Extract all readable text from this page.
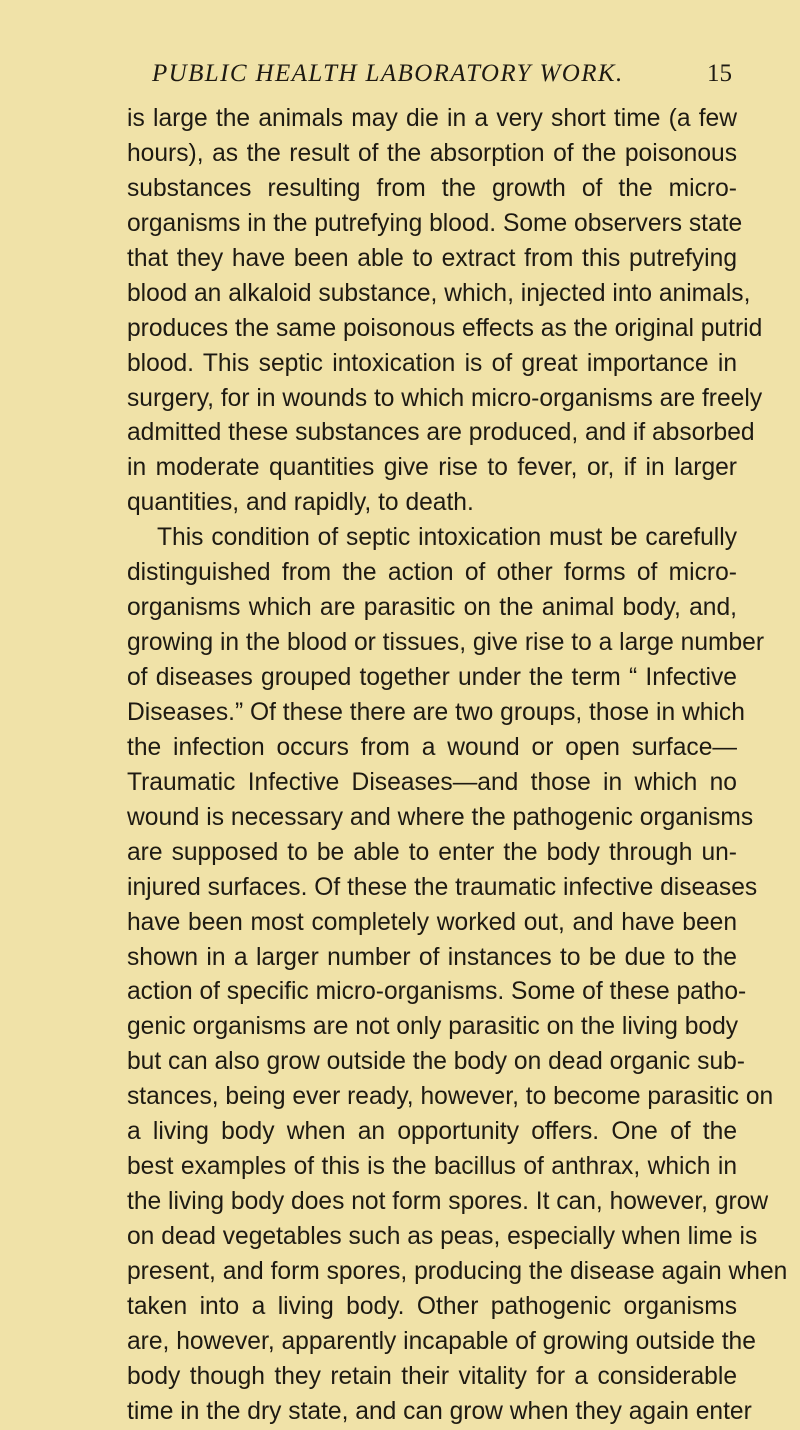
PUBLIC HEALTH LABORATORY WORK.	15
is large the animals may die in a very short time (a few
hours), as the result of the absorption of the poisonous
substances resulting from the growth of the micro-
organisms in the putrefying blood. Some observers state
that they have been able to extract from this putrefying
blood an alkaloid substance, which, injected into animals,
produces the same poisonous effects as the original putrid
blood. This septic intoxication is of great importance in
surgery, for in wounds to which micro-organisms are freely
admitted these substances are produced, and if absorbed
in moderate quantities give rise to fever, or, if in larger
quantities, and rapidly, to death.
This condition of septic intoxication must be carefully
distinguished from the action of other forms of micro-
organisms which are parasitic on the animal body, and,
growing in the blood or tissues, give rise to a large number
of diseases grouped together under the term “ Infective
Diseases.” Of these there are two groups, those in which
the infection occurs from a wound or open surface—
Traumatic Infective Diseases—and those in which no
wound is necessary and where the pathogenic organisms
are supposed to be able to enter the body through un-
injured surfaces. Of these the traumatic infective diseases
have been most completely worked out, and have been
shown in a larger number of instances to be due to the
action of specific micro-organisms. Some of these patho-
genic organisms are not only parasitic on the living body
but can also grow outside the body on dead organic sub-
stances, being ever ready, however, to become parasitic on
a living body when an opportunity offers. One of the
best examples of this is the bacillus of anthrax, which in
the living body does not form spores. It can, however, grow
on dead vegetables such as peas, especially when lime is
present, and form spores, producing the disease again when
taken into a living body. Other pathogenic organisms
are, however, apparently incapable of growing outside the
body though they retain their vitality for a considerable
time in the dry state, and can grow when they again enter
